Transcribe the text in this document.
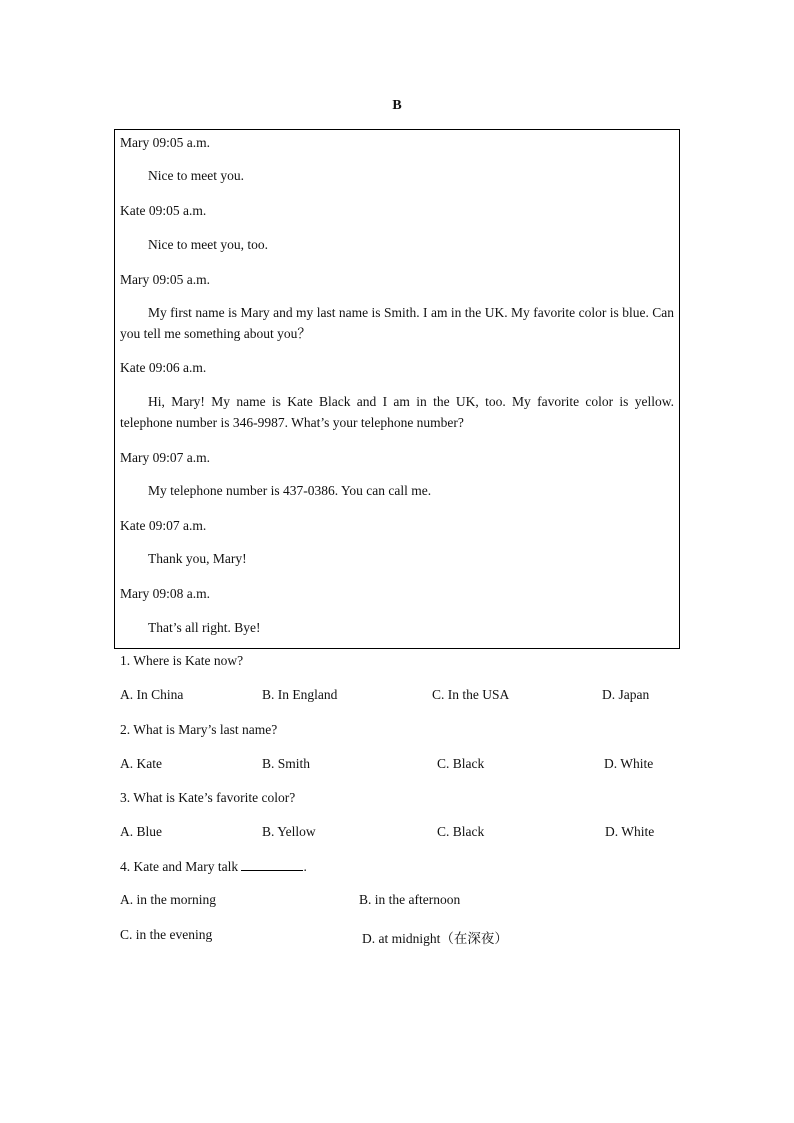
B
Mary 09:05 a.m.
Nice to meet you.
Kate 09:05 a.m.
Nice to meet you, too.
Mary 09:05 a.m.
My first name is Mary and my last name is Smith. I am in the UK. My favorite color is blue. Can you tell me something about you？
Kate 09:06 a.m.
Hi, Mary! My name is Kate Black and I am in the UK, too. My favorite color is yellow. telephone number is 346-9987. What’s your telephone number?
Mary 09:07 a.m.
My telephone number is 437-0386. You can call me.
Kate 09:07 a.m.
Thank you, Mary!
Mary 09:08 a.m.
That’s all right. Bye!
1. Where is Kate now?
A. In China	B. In England	C. In the USA	D. Japan
2. What is Mary’s last name?
A. Kate	B. Smith	C. Black	D. White
3. What is Kate’s favorite color?
A. Blue	B. Yellow	C. Black	D. White
4. Kate and Mary talk	.
A. in the morning	B. in the afternoon
C. in the evening	D. at midnight（在深夜）
